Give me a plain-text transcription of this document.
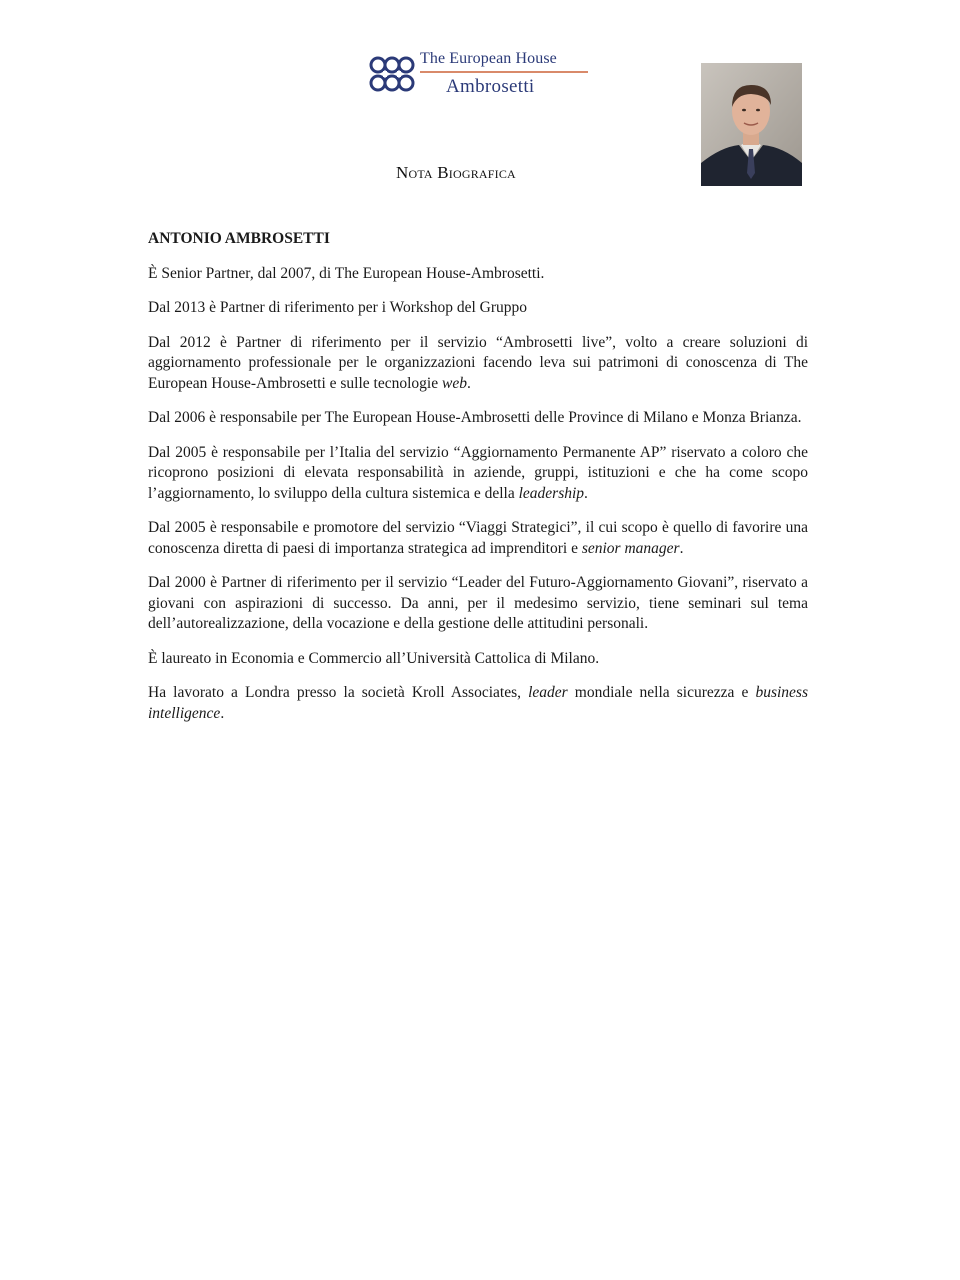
The European House
Ambrosetti
Nota Biografica
ANTONIO AMBROSETTI

È Senior Partner, dal 2007, di The European House-Ambrosetti.

Dal 2013 è Partner di riferimento per i Workshop del Gruppo

Dal 2012 è Partner di riferimento per il servizio “Ambrosetti live”, volto a creare soluzioni di aggiornamento professionale per le organizzazioni facendo leva sui patrimoni di conoscenza di The European House-Ambrosetti e sulle tecnologie web.

Dal 2006 è responsabile per The European House-Ambrosetti delle Province di Milano e Monza Brianza.

Dal 2005 è responsabile per l’Italia del servizio “Aggiornamento Permanente AP” riservato a coloro che ricoprono posizioni di elevata responsabilità in aziende, gruppi, istituzioni e che ha come scopo l’aggiornamento, lo sviluppo della cultura sistemica e della leadership.

Dal 2005 è responsabile e promotore del servizio “Viaggi Strategici”, il cui scopo è quello di favorire una conoscenza diretta di paesi di importanza strategica ad imprenditori e senior manager.

Dal 2000 è Partner di riferimento per il servizio “Leader del Futuro-Aggiornamento Giovani”, riservato a giovani con aspirazioni di successo. Da anni, per il medesimo servizio, tiene seminari sul tema dell’autorealizzazione, della vocazione e della gestione delle attitudini personali.

È laureato in Economia e Commercio all’Università Cattolica di Milano.

Ha lavorato a Londra presso la società Kroll Associates, leader mondiale nella sicurezza e business intelligence.
